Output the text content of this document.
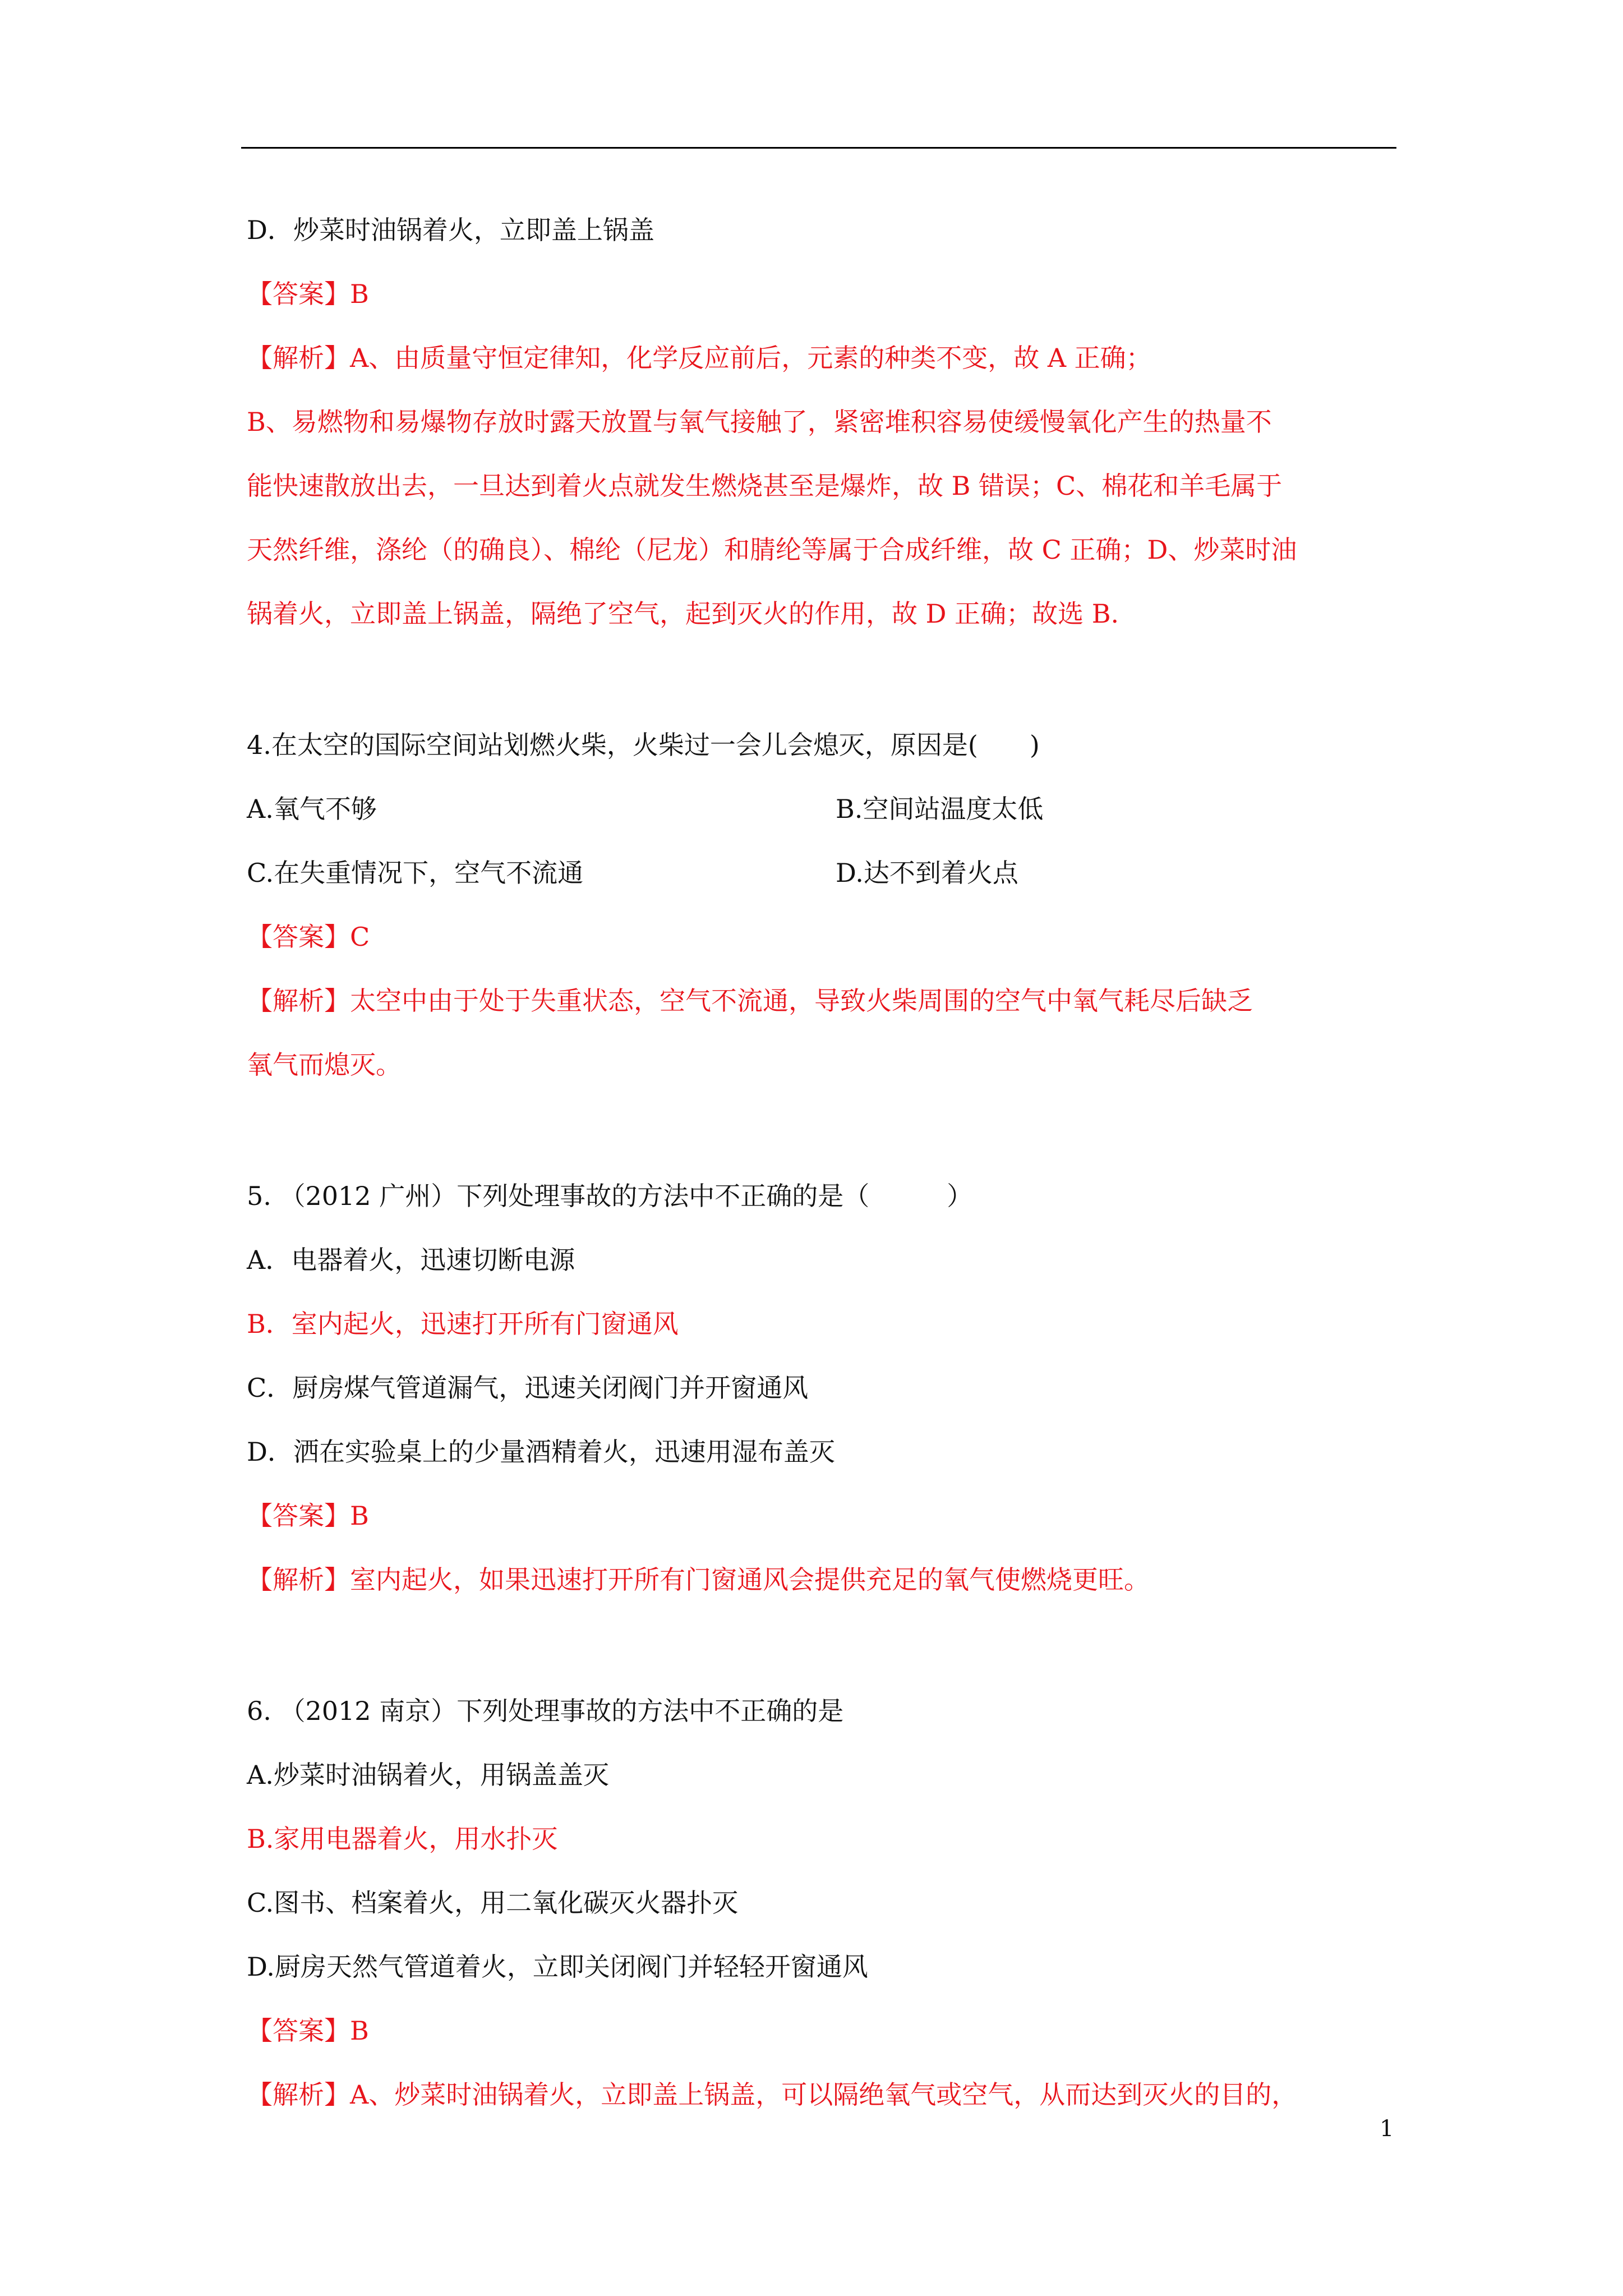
D．炒菜时油锅着火，立即盖上锅盖
【答案】B
【解析】A、由质量守恒定律知，化学反应前后，元素的种类不变，故 A 正确；
B、易燃物和易爆物存放时露天放置与氧气接触了，紧密堆积容易使缓慢氧化产生的热量不
能快速散放出去，一旦达到着火点就发生燃烧甚至是爆炸，故 B 错误；C、棉花和羊毛属于
天然纤维，涤纶（的确良）、棉纶（尼龙）和腈纶等属于合成纤维，故 C 正确；D、炒菜时油
锅着火，立即盖上锅盖，隔绝了空气，起到灭火的作用，故 D 正确；故选 B.
4.在太空的国际空间站划燃火柴，火柴过一会儿会熄灭，原因是(　　)
A.氧气不够	B.空间站温度太低
C.在失重情况下，空气不流通	D.达不到着火点
【答案】C
【解析】太空中由于处于失重状态，空气不流通，导致火柴周围的空气中氧气耗尽后缺乏
氧气而熄灭。
5. （2012 广州）下列处理事故的方法中不正确的是（　　　）
A．电器着火，迅速切断电源
B．室内起火，迅速打开所有门窗通风
C．厨房煤气管道漏气，迅速关闭阀门并开窗通风
D．洒在实验桌上的少量酒精着火，迅速用湿布盖灭
【答案】B
【解析】室内起火，如果迅速打开所有门窗通风会提供充足的氧气使燃烧更旺。
6. （2012 南京）下列处理事故的方法中不正确的是
A.炒菜时油锅着火，用锅盖盖灭
B.家用电器着火，用水扑灭
C.图书、档案着火，用二氧化碳灭火器扑灭
D.厨房天然气管道着火，立即关闭阀门并轻轻开窗通风
【答案】B
【解析】A、炒菜时油锅着火，立即盖上锅盖，可以隔绝氧气或空气，从而达到灭火的目的，
1
